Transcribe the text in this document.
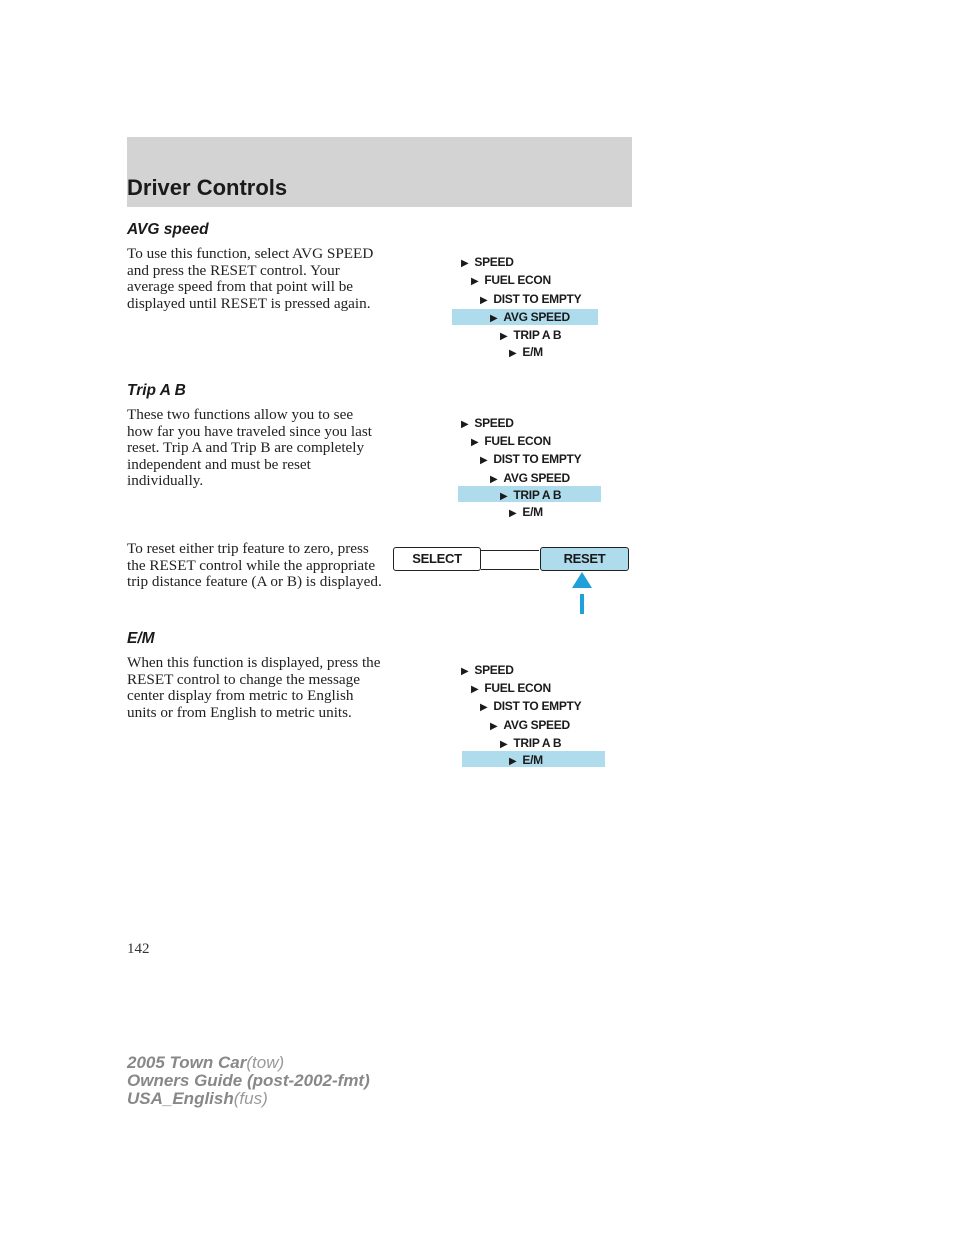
Driver Controls
AVG speed
To use this function, select AVG SPEED and press the RESET control. Your average speed from that point will be displayed until RESET is pressed again.
▶ SPEED
▶ FUEL ECON
▶ DIST TO EMPTY
▶ AVG SPEED
▶ TRIP A B
▶ E/M
Trip A B
These two functions allow you to see how far you have traveled since you last reset. Trip A and Trip B are completely independent and must be reset individually.
▶ SPEED
▶ FUEL ECON
▶ DIST TO EMPTY
▶ AVG SPEED
▶ TRIP A B
▶ E/M
To reset either trip feature to zero, press the RESET control while the appropriate trip distance feature (A or B) is displayed.
SELECT	RESET
E/M
When this function is displayed, press the RESET control to change the message center display from metric to English units or from English to metric units.
▶ SPEED
▶ FUEL ECON
▶ DIST TO EMPTY
▶ AVG SPEED
▶ TRIP A B
▶ E/M
142
2005 Town Car(tow)
Owners Guide (post-2002-fmt)
USA_English(fus)
